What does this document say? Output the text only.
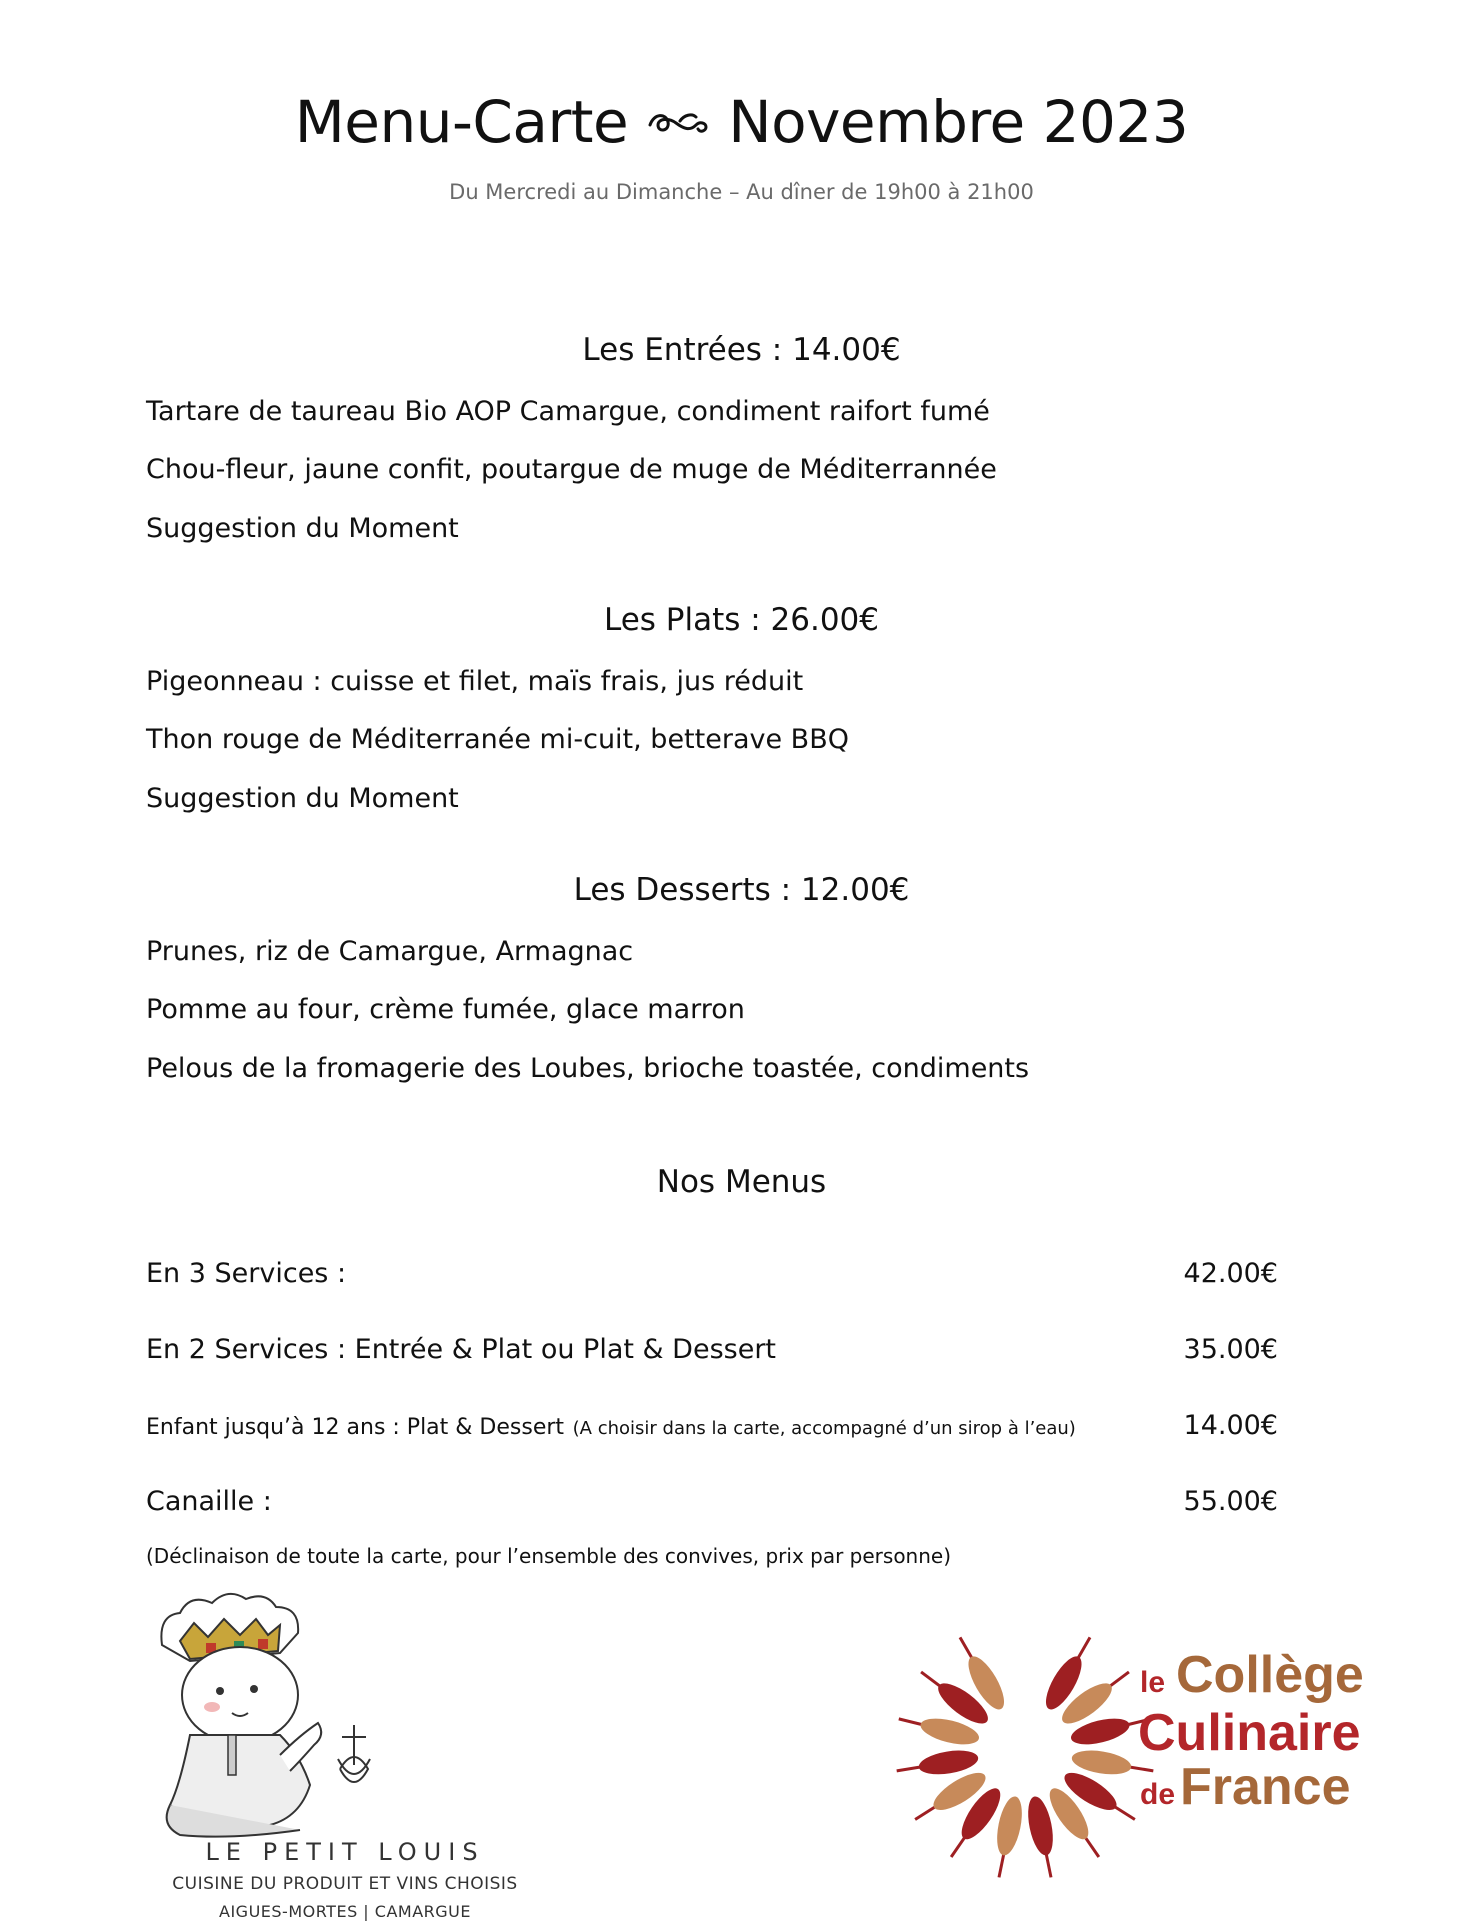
Menu-Carte Novembre 2023
Du Mercredi au Dimanche – Au dîner de 19h00 à 21h00
Les Entrées : 14.00€
Tartare de taureau Bio AOP Camargue, condiment raifort fumé
Chou-fleur, jaune confit, poutargue de muge de Méditerrannée
Suggestion du Moment
Les Plats : 26.00€
Pigeonneau : cuisse et filet, maïs frais, jus réduit
Thon rouge de Méditerranée mi-cuit, betterave BBQ
Suggestion du Moment
Les Desserts : 12.00€
Prunes, riz de Camargue, Armagnac
Pomme au four, crème fumée, glace marron
Pelous de la fromagerie des Loubes, brioche toastée, condiments
Nos Menus
En 3 Services :	42.00€
En 2 Services : Entrée & Plat ou Plat & Dessert	35.00€
Enfant jusqu’à 12 ans : Plat & Dessert (A choisir dans la carte, accompagné d’un sirop à l’eau)	14.00€
Canaille :	55.00€
(Déclinaison de toute la carte, pour l’ensemble des convives, prix par personne)
LE PETIT LOUIS
CUISINE DU PRODUIT ET VINS CHOISIS
AIGUES-MORTES | CAMARGUE
le Collège
Culinaire
de France
